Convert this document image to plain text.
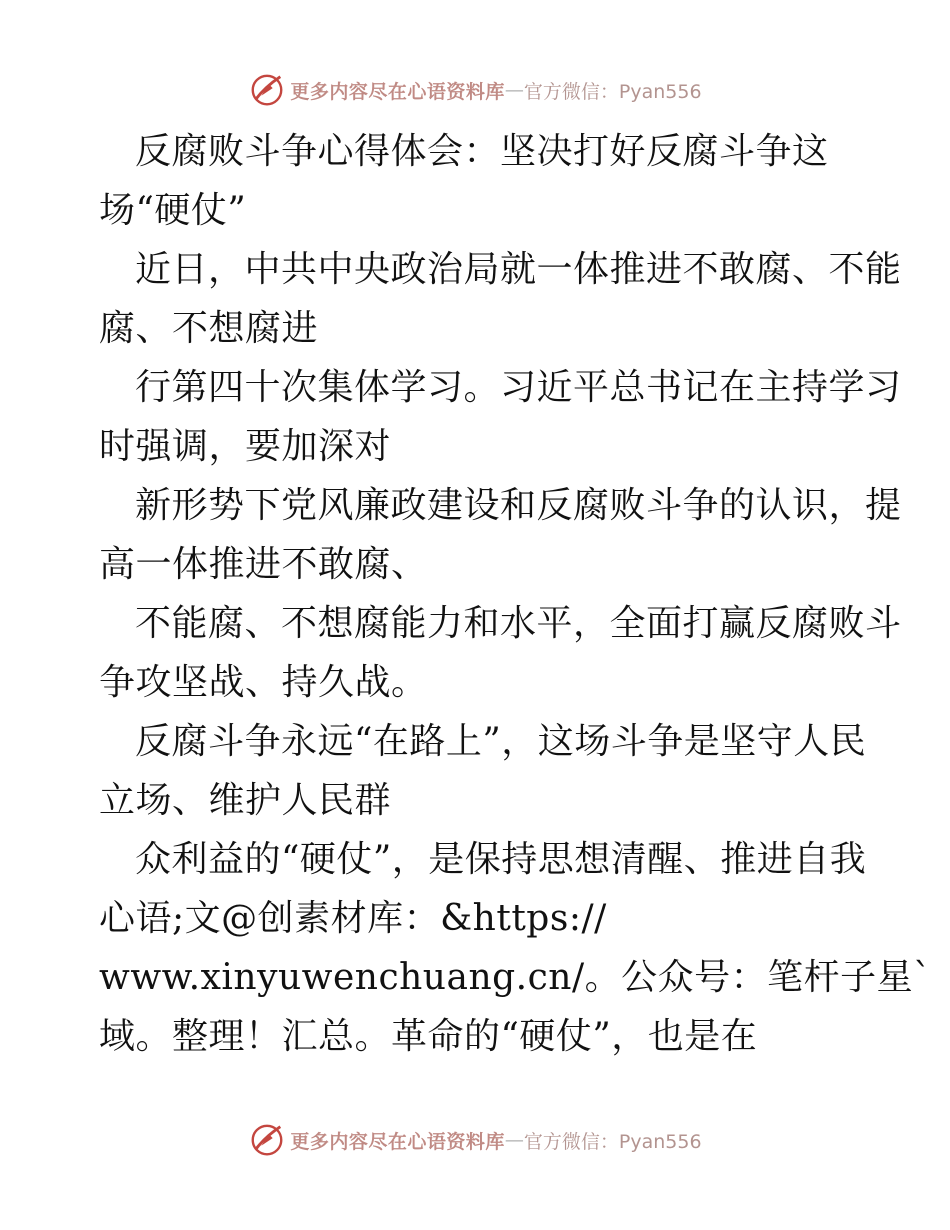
更多内容尽在心语资料库 — 官方微信：Pyan556
反腐败斗争心得体会：坚决打好反腐斗争这
场“硬仗”
近日，中共中央政治局就一体推进不敢腐、不能
腐、不想腐进
行第四十次集体学习。习近平总书记在主持学习
时强调，要加深对
新形势下党风廉政建设和反腐败斗争的认识，提
高一体推进不敢腐、
不能腐、不想腐能力和水平，全面打赢反腐败斗
争攻坚战、持久战。
反腐斗争永远“在路上”，这场斗争是坚守人民
立场、维护人民群
众利益的“硬仗”，是保持思想清醒、推进自我
心语;文@创素材库：&https://
www.xinyuwenchuang.cn/。公众号：笔杆子星`
域。整理！汇总。革命的“硬仗”，也是在
更多内容尽在心语资料库 — 官方微信：Pyan556
